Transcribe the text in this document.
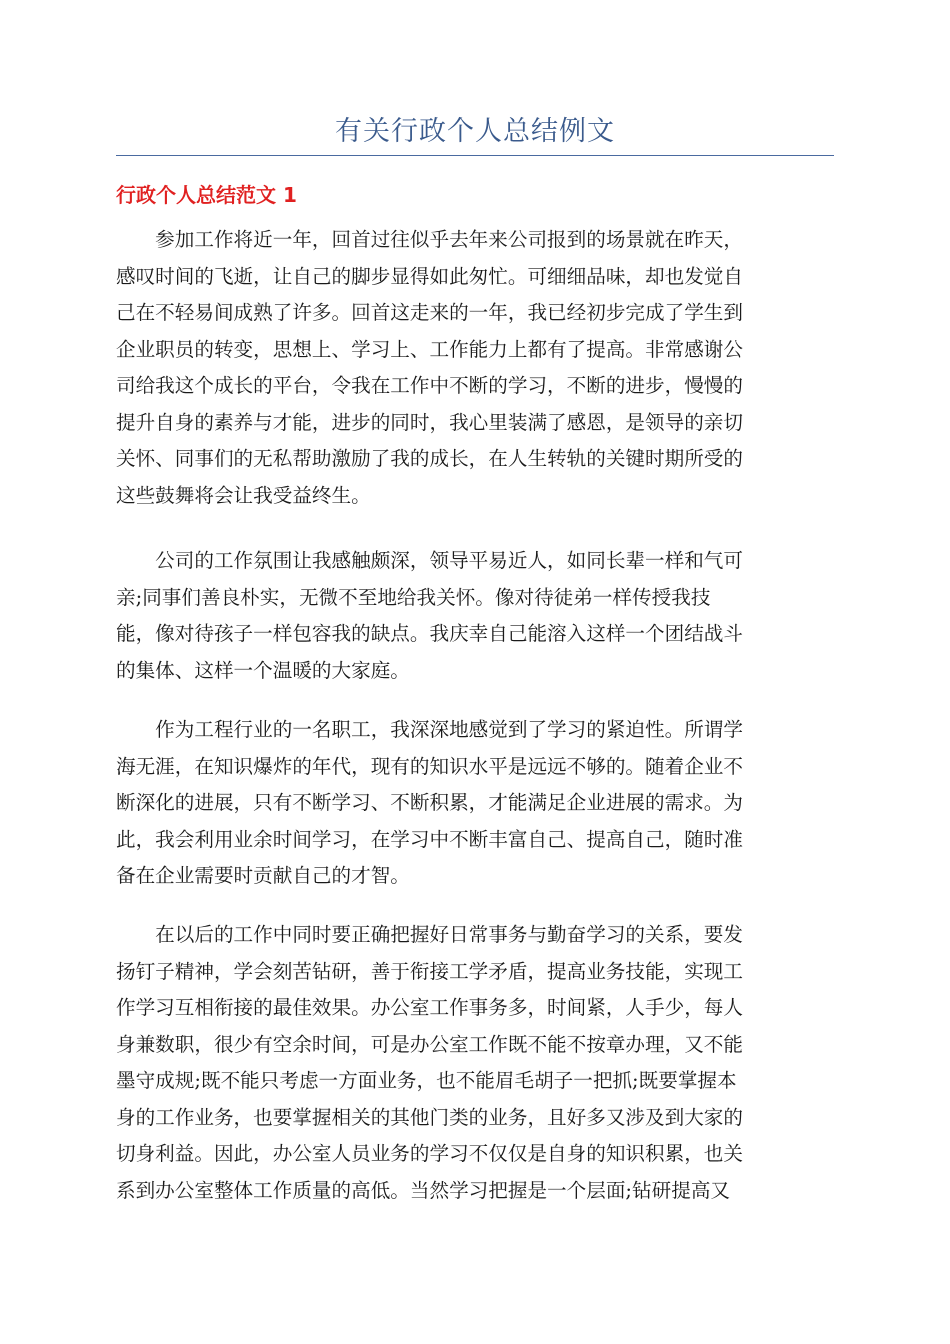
有关行政个人总结例文
行政个人总结范文 1
　　参加工作将近一年，回首过往似乎去年来公司报到的场景就在昨天，
感叹时间的飞逝，让自己的脚步显得如此匆忙。可细细品味，却也发觉自
己在不轻易间成熟了许多。回首这走来的一年，我已经初步完成了学生到
企业职员的转变，思想上、学习上、工作能力上都有了提高。非常感谢公
司给我这个成长的平台，令我在工作中不断的学习，不断的进步，慢慢的
提升自身的素养与才能，进步的同时，我心里装满了感恩，是领导的亲切
关怀、同事们的无私帮助激励了我的成长，在人生转轨的关键时期所受的
这些鼓舞将会让我受益终生。
　　公司的工作氛围让我感触颇深，领导平易近人，如同长辈一样和气可
亲;同事们善良朴实，无微不至地给我关怀。像对待徒弟一样传授我技
能，像对待孩子一样包容我的缺点。我庆幸自己能溶入这样一个团结战斗
的集体、这样一个温暖的大家庭。
　　作为工程行业的一名职工，我深深地感觉到了学习的紧迫性。所谓学
海无涯，在知识爆炸的年代，现有的知识水平是远远不够的。随着企业不
断深化的进展，只有不断学习、不断积累，才能满足企业进展的需求。为
此，我会利用业余时间学习，在学习中不断丰富自己、提高自己，随时准
备在企业需要时贡献自己的才智。
　　在以后的工作中同时要正确把握好日常事务与勤奋学习的关系，要发
扬钉子精神，学会刻苦钻研，善于衔接工学矛盾，提高业务技能，实现工
作学习互相衔接的最佳效果。办公室工作事务多，时间紧，人手少，每人
身兼数职，很少有空余时间，可是办公室工作既不能不按章办理，又不能
墨守成规;既不能只考虑一方面业务，也不能眉毛胡子一把抓;既要掌握本
身的工作业务，也要掌握相关的其他门类的业务，且好多又涉及到大家的
切身利益。因此，办公室人员业务的学习不仅仅是自身的知识积累，也关
系到办公室整体工作质量的高低。当然学习把握是一个层面;钻研提高又
